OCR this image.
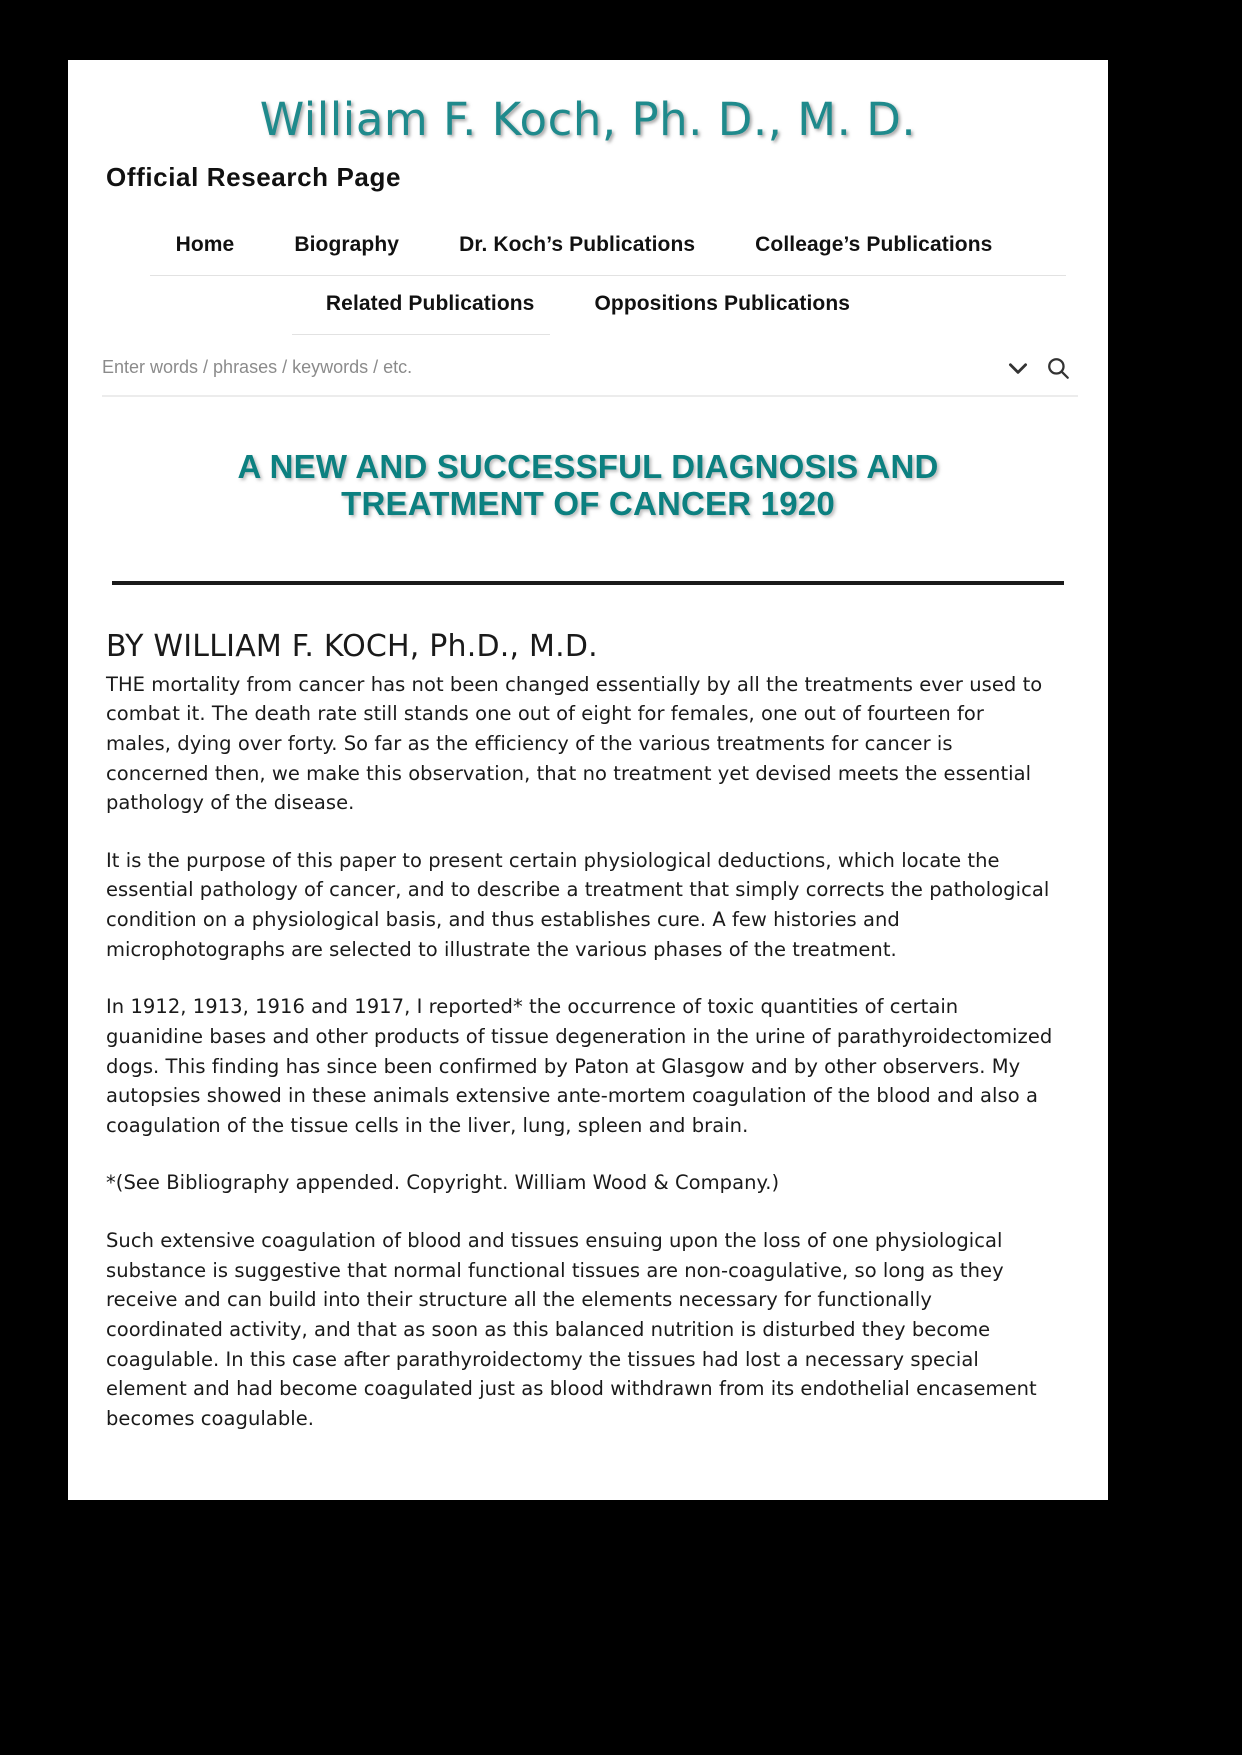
William F. Koch, Ph. D., M. D.
Official Research Page
Home	Biography	Dr. Koch’s Publications	Colleage’s Publications
Related Publications	Oppositions Publications
Enter words / phrases / keywords / etc.
A NEW AND SUCCESSFUL DIAGNOSIS AND TREATMENT OF CANCER 1920
BY WILLIAM F. KOCH, Ph.D., M.D.

THE mortality from cancer has not been changed essentially by all the treatments ever used to combat it. The death rate still stands one out of eight for females, one out of fourteen for males, dying over forty. So far as the efficiency of the various treatments for cancer is concerned then, we make this observation, that no treatment yet devised meets the essential pathology of the disease.

It is the purpose of this paper to present certain physiological deductions, which locate the essential pathology of cancer, and to describe a treatment that simply corrects the pathological condition on a physiological basis, and thus establishes cure. A few histories and microphotographs are selected to illustrate the various phases of the treatment.

In 1912, 1913, 1916 and 1917, I reported* the occurrence of toxic quantities of certain guanidine bases and other products of tissue degeneration in the urine of parathyroidectomized dogs. This finding has since been confirmed by Paton at Glasgow and by other observers. My autopsies showed in these animals extensive ante-mortem coagulation of the blood and also a coagulation of the tissue cells in the liver, lung, spleen and brain.

*(See Bibliography appended. Copyright. William Wood & Company.)

Such extensive coagulation of blood and tissues ensuing upon the loss of one physiological substance is suggestive that normal functional tissues are non-coagulative, so long as they receive and can build into their structure all the elements necessary for functionally coordinated activity, and that as soon as this balanced nutrition is disturbed they become coagulable. In this case after parathyroidectomy the tissues had lost a necessary special element and had become coagulated just as blood withdrawn from its endothelial encasement becomes coagulable.
